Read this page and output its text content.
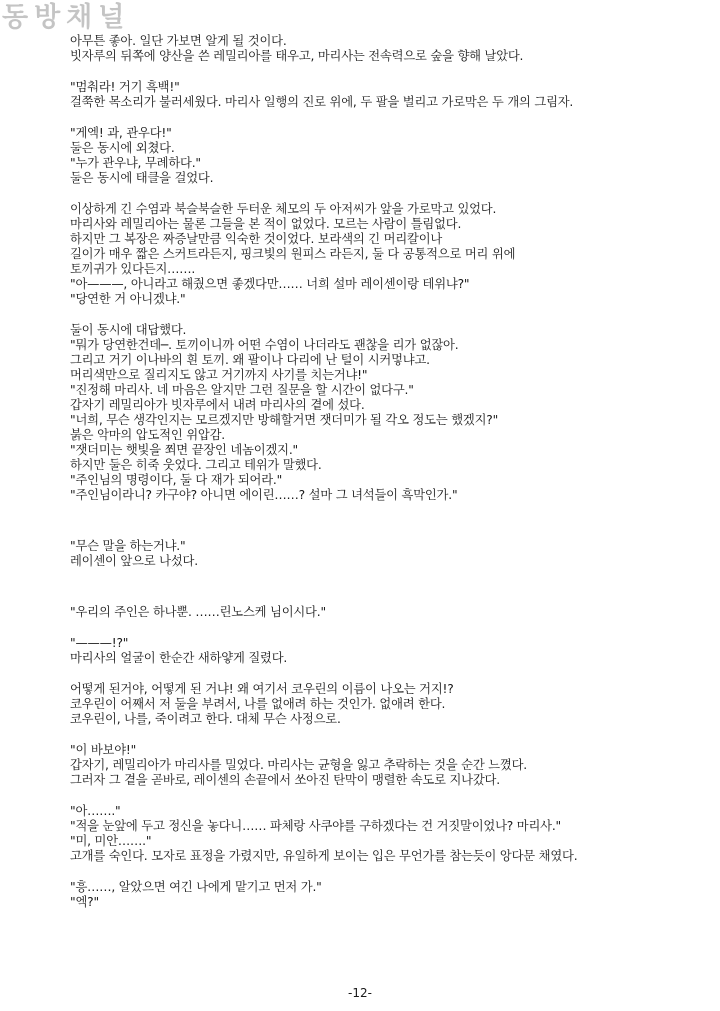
동방채널
아무튼 좋아. 일단 가보면 알게 될 것이다.
빗자루의 뒤쪽에 양산을 쓴 레밀리아를 태우고, 마리사는 전속력으로 숲을 향해 날았다.
"멈춰라! 거기 흑백!"
걸쭉한 목소리가 불러세웠다. 마리사 일행의 진로 위에, 두 팔을 벌리고 가로막은 두 개의 그림자.
"게엑! 과, 관우다!"
둘은 동시에 외쳤다.
"누가 관우냐, 무례하다."
둘은 동시에 태클을 걸었다.
이상하게 긴 수염과 북슬북슬한 두터운 체모의 두 아저씨가 앞을 가로막고 있었다.
마리사와 레밀리아는 물론 그들을 본 적이 없었다. 모르는 사람이 틀림없다.
하지만 그 복장은 짜증날만큼 익숙한 것이었다. 보라색의 긴 머리칼이나
길이가 매우 짧은 스커트라든지, 핑크빛의 원피스 라든지, 둘 다 공통적으로 머리 위에
토끼귀가 있다든지…….
"아———, 아니라고 해줬으면 좋겠다만…… 너희 설마 레이센이랑 테위냐?"
"당연한 거 아니겠냐."
둘이 동시에 대답했다.
"뭐가 당연한건데─. 토끼이니까 어떤 수염이 나더라도 괜찮을 리가 없잖아.
그리고 거기 이나바의 흰 토끼. 왜 팔이나 다리에 난 털이 시커멓냐고.
머리색만으로 질리지도 않고 거기까지 사기를 치는거냐!"
"진정해 마리사. 네 마음은 알지만 그런 질문을 할 시간이 없다구."
갑자기 레밀리아가 빗자루에서 내려 마리사의 곁에 섰다.
"너희, 무슨 생각인지는 모르겠지만 방해할거면 잿더미가 될 각오 정도는 했겠지?"
붉은 악마의 압도적인 위압감.
"잿더미는 햇빛을 쬐면 끝장인 네놈이겠지."
하지만 둘은 히죽 웃었다. 그리고 테위가 말했다.
"주인님의 명령이다, 둘 다 재가 되어라."
"주인님이라니? 카구야? 아니면 에이린……? 설마 그 녀석들이 흑막인가."
"무슨 말을 하는거냐."
레이센이 앞으로 나섰다.
"우리의 주인은 하나뿐. ……린노스케 님이시다."
"———!?"
마리사의 얼굴이 한순간 새하얗게 질렸다.
어떻게 된거야, 어떻게 된 거냐! 왜 여기서 코우린의 이름이 나오는 거지!?
코우린이 어째서 저 둘을 부려서, 나를 없애려 하는 것인가. 없애려 한다.
코우린이, 나를, 죽이려고 한다. 대체 무슨 사정으로.
"이 바보야!"
갑자기, 레밀리아가 마리사를 밀었다. 마리사는 균형을 잃고 추락하는 것을 순간 느꼈다.
그러자 그 곁을 곧바로, 레이센의 손끝에서 쏘아진 탄막이 맹렬한 속도로 지나갔다.
"아……."
"적을 눈앞에 두고 정신을 놓다니…… 파체랑 사쿠야를 구하겠다는 건 거짓말이었나? 마리사."
"미, 미안……."
고개를 숙인다. 모자로 표정을 가렸지만, 유일하게 보이는 입은 무언가를 참는듯이 앙다문 채였다.
"흥……, 알았으면 여긴 나에게 맡기고 먼저 가."
"엑?"
-12-
